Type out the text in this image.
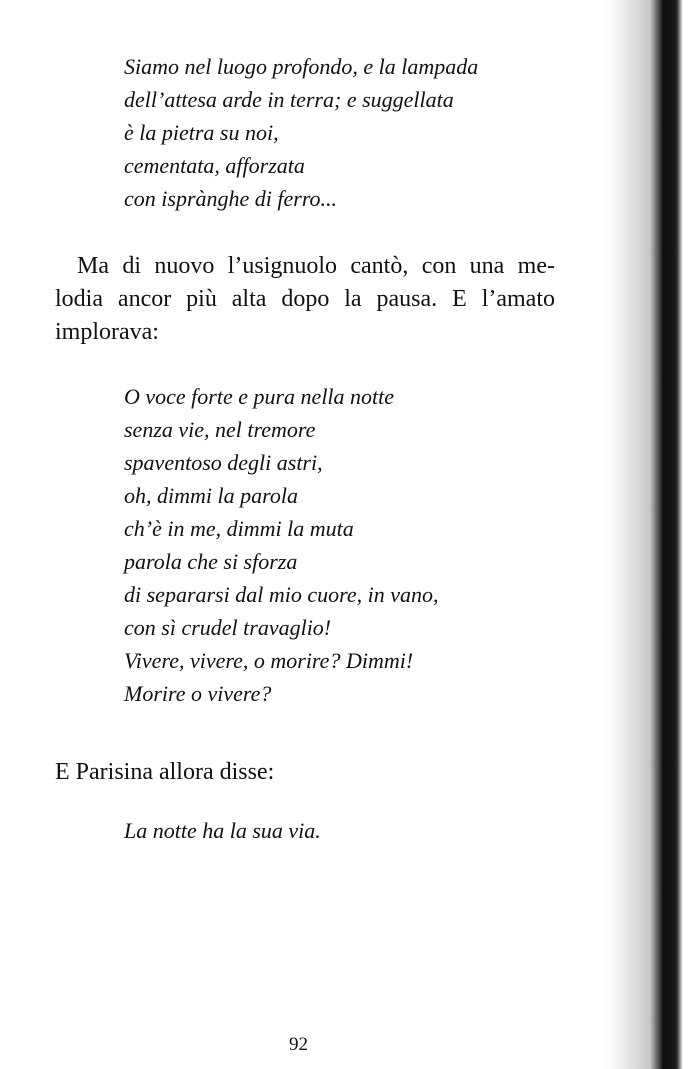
Siamo nel luogo profondo, e la lampada
dell’attesa arde in terra; e suggellata
è la pietra su noi,
cementata, afforzata
con isprànghe di ferro...
Ma di nuovo l’usignuolo cantò, con una me-
lodia ancor più alta dopo la pausa. E l’amato
implorava:
O voce forte e pura nella notte
senza vie, nel tremore
spaventoso degli astri,
oh, dimmi la parola
ch’è in me, dimmi la muta
parola che si sforza
di separarsi dal mio cuore, in vano,
con sì crudel travaglio!
Vivere, vivere, o morire? Dimmi!
Morire o vivere?
E Parisina allora disse:
La notte ha la sua via.
92
